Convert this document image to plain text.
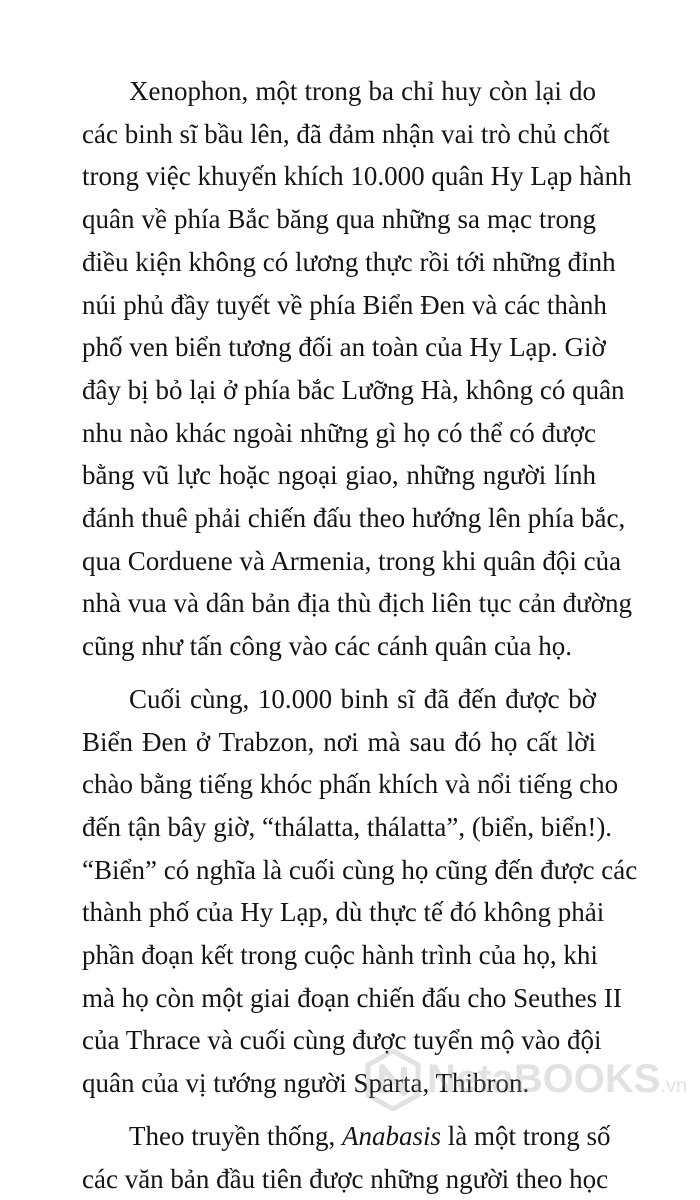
Xenophon, một trong ba chỉ huy còn lại do
các binh sĩ bầu lên, đã đảm nhận vai trò chủ chốt
trong việc khuyến khích 10.000 quân Hy Lạp hành
quân về phía Bắc băng qua những sa mạc trong
điều kiện không có lương thực rồi tới những đỉnh
núi phủ đầy tuyết về phía Biển Đen và các thành
phố ven biển tương đối an toàn của Hy Lạp. Giờ
đây bị bỏ lại ở phía bắc Lưỡng Hà, không có quân
nhu nào khác ngoài những gì họ có thể có được
bằng vũ lực hoặc ngoại giao, những người lính
đánh thuê phải chiến đấu theo hướng lên phía bắc,
qua Corduene và Armenia, trong khi quân đội của
nhà vua và dân bản địa thù địch liên tục cản đường
cũng như tấn công vào các cánh quân của họ.

Cuối cùng, 10.000 binh sĩ đã đến được bờ
Biển Đen ở Trabzon, nơi mà sau đó họ cất lời
chào bằng tiếng khóc phấn khích và nổi tiếng cho
đến tận bây giờ, “thálatta, thálatta”, (biển, biển!).
“Biển” có nghĩa là cuối cùng họ cũng đến được các
thành phố của Hy Lạp, dù thực tế đó không phải
phần đoạn kết trong cuộc hành trình của họ, khi
mà họ còn một giai đoạn chiến đấu cho Seuthes II
của Thrace và cuối cùng được tuyển mộ vào đội
quân của vị tướng người Sparta, Thibron.

Theo truyền thống, Anabasis là một trong số
các văn bản đầu tiên được những người theo học

NetaBOOKS.vn
